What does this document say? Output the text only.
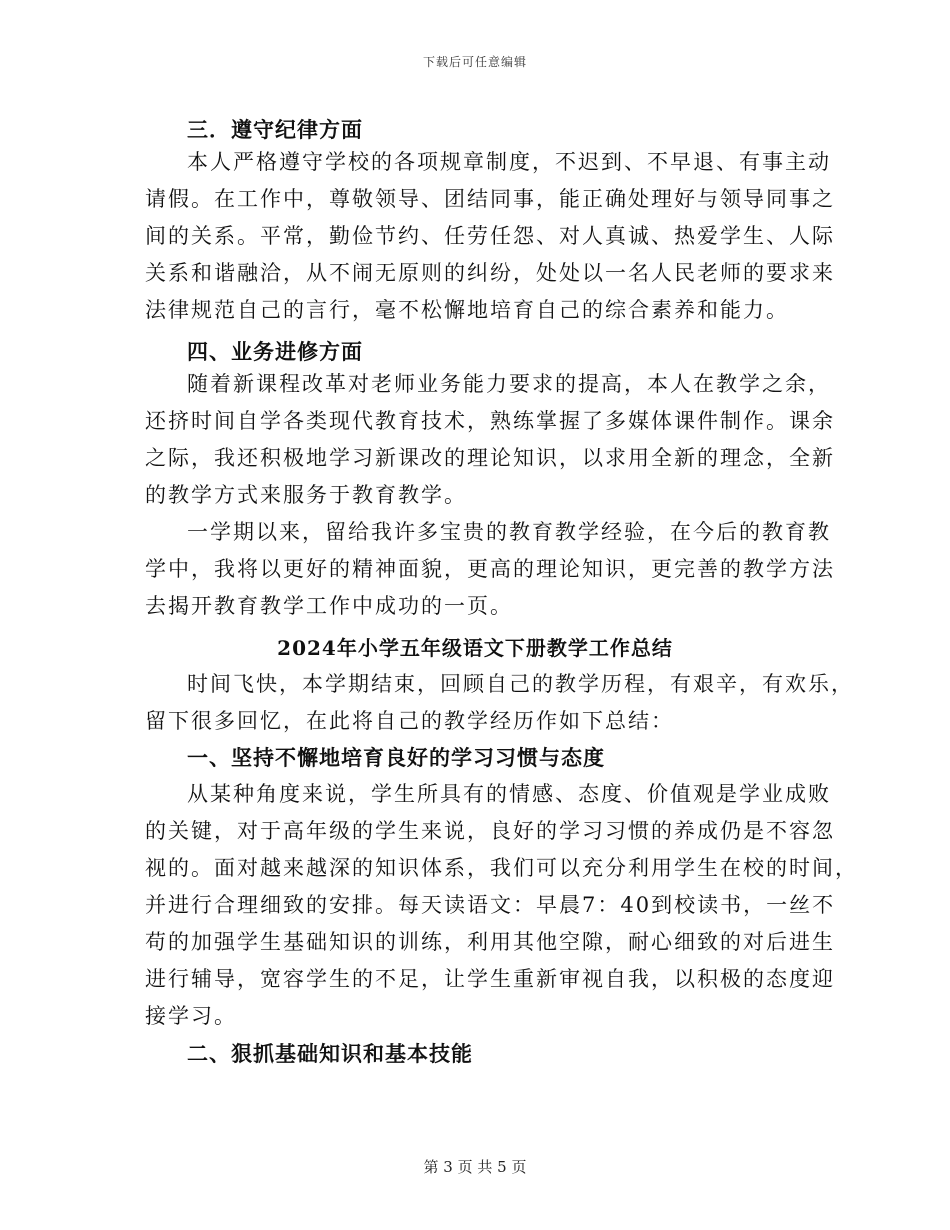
下载后可任意编辑
三．遵守纪律方面
本人严格遵守学校的各项规章制度，不迟到、不早退、有事主动
请假。在工作中，尊敬领导、团结同事，能正确处理好与领导同事之
间的关系。平常，勤俭节约、任劳任怨、对人真诚、热爱学生、人际
关系和谐融洽，从不闹无原则的纠纷，处处以一名人民老师的要求来
法律规范自己的言行，毫不松懈地培育自己的综合素养和能力。
四、业务进修方面
随着新课程改革对老师业务能力要求的提高，本人在教学之余，
还挤时间自学各类现代教育技术，熟练掌握了多媒体课件制作。课余
之际，我还积极地学习新课改的理论知识，以求用全新的理念，全新
的教学方式来服务于教育教学。
一学期以来，留给我许多宝贵的教育教学经验，在今后的教育教
学中，我将以更好的精神面貌，更高的理论知识，更完善的教学方法
去揭开教育教学工作中成功的一页。
2024年小学五年级语文下册教学工作总结
时间飞快，本学期结束，回顾自己的教学历程，有艰辛，有欢乐，
留下很多回忆，在此将自己的教学经历作如下总结：
一、坚持不懈地培育良好的学习习惯与态度
从某种角度来说，学生所具有的情感、态度、价值观是学业成败
的关键，对于高年级的学生来说，良好的学习习惯的养成仍是不容忽
视的。面对越来越深的知识体系，我们可以充分利用学生在校的时间，
并进行合理细致的安排。每天读语文：早晨7：40到校读书，一丝不
苟的加强学生基础知识的训练，利用其他空隙，耐心细致的对后进生
进行辅导，宽容学生的不足，让学生重新审视自我，以积极的态度迎
接学习。
二、狠抓基础知识和基本技能
第 3 页 共 5 页
